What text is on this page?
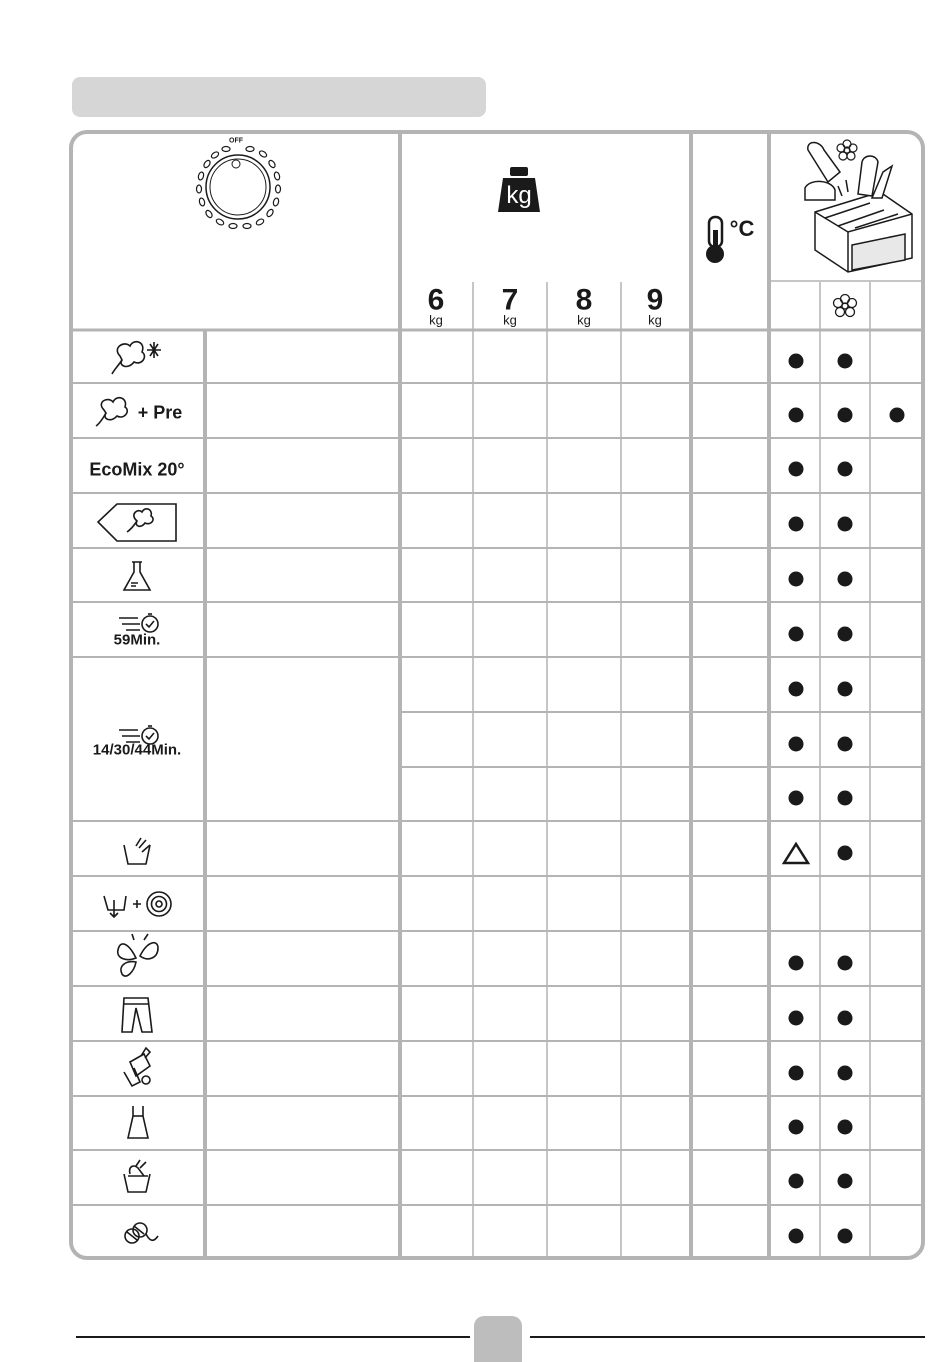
OFF
kg
6
kg
7
kg
8
kg
9
kg
°C
+ Pre
EcoMix 20°
59Min.
14/30/44Min.
